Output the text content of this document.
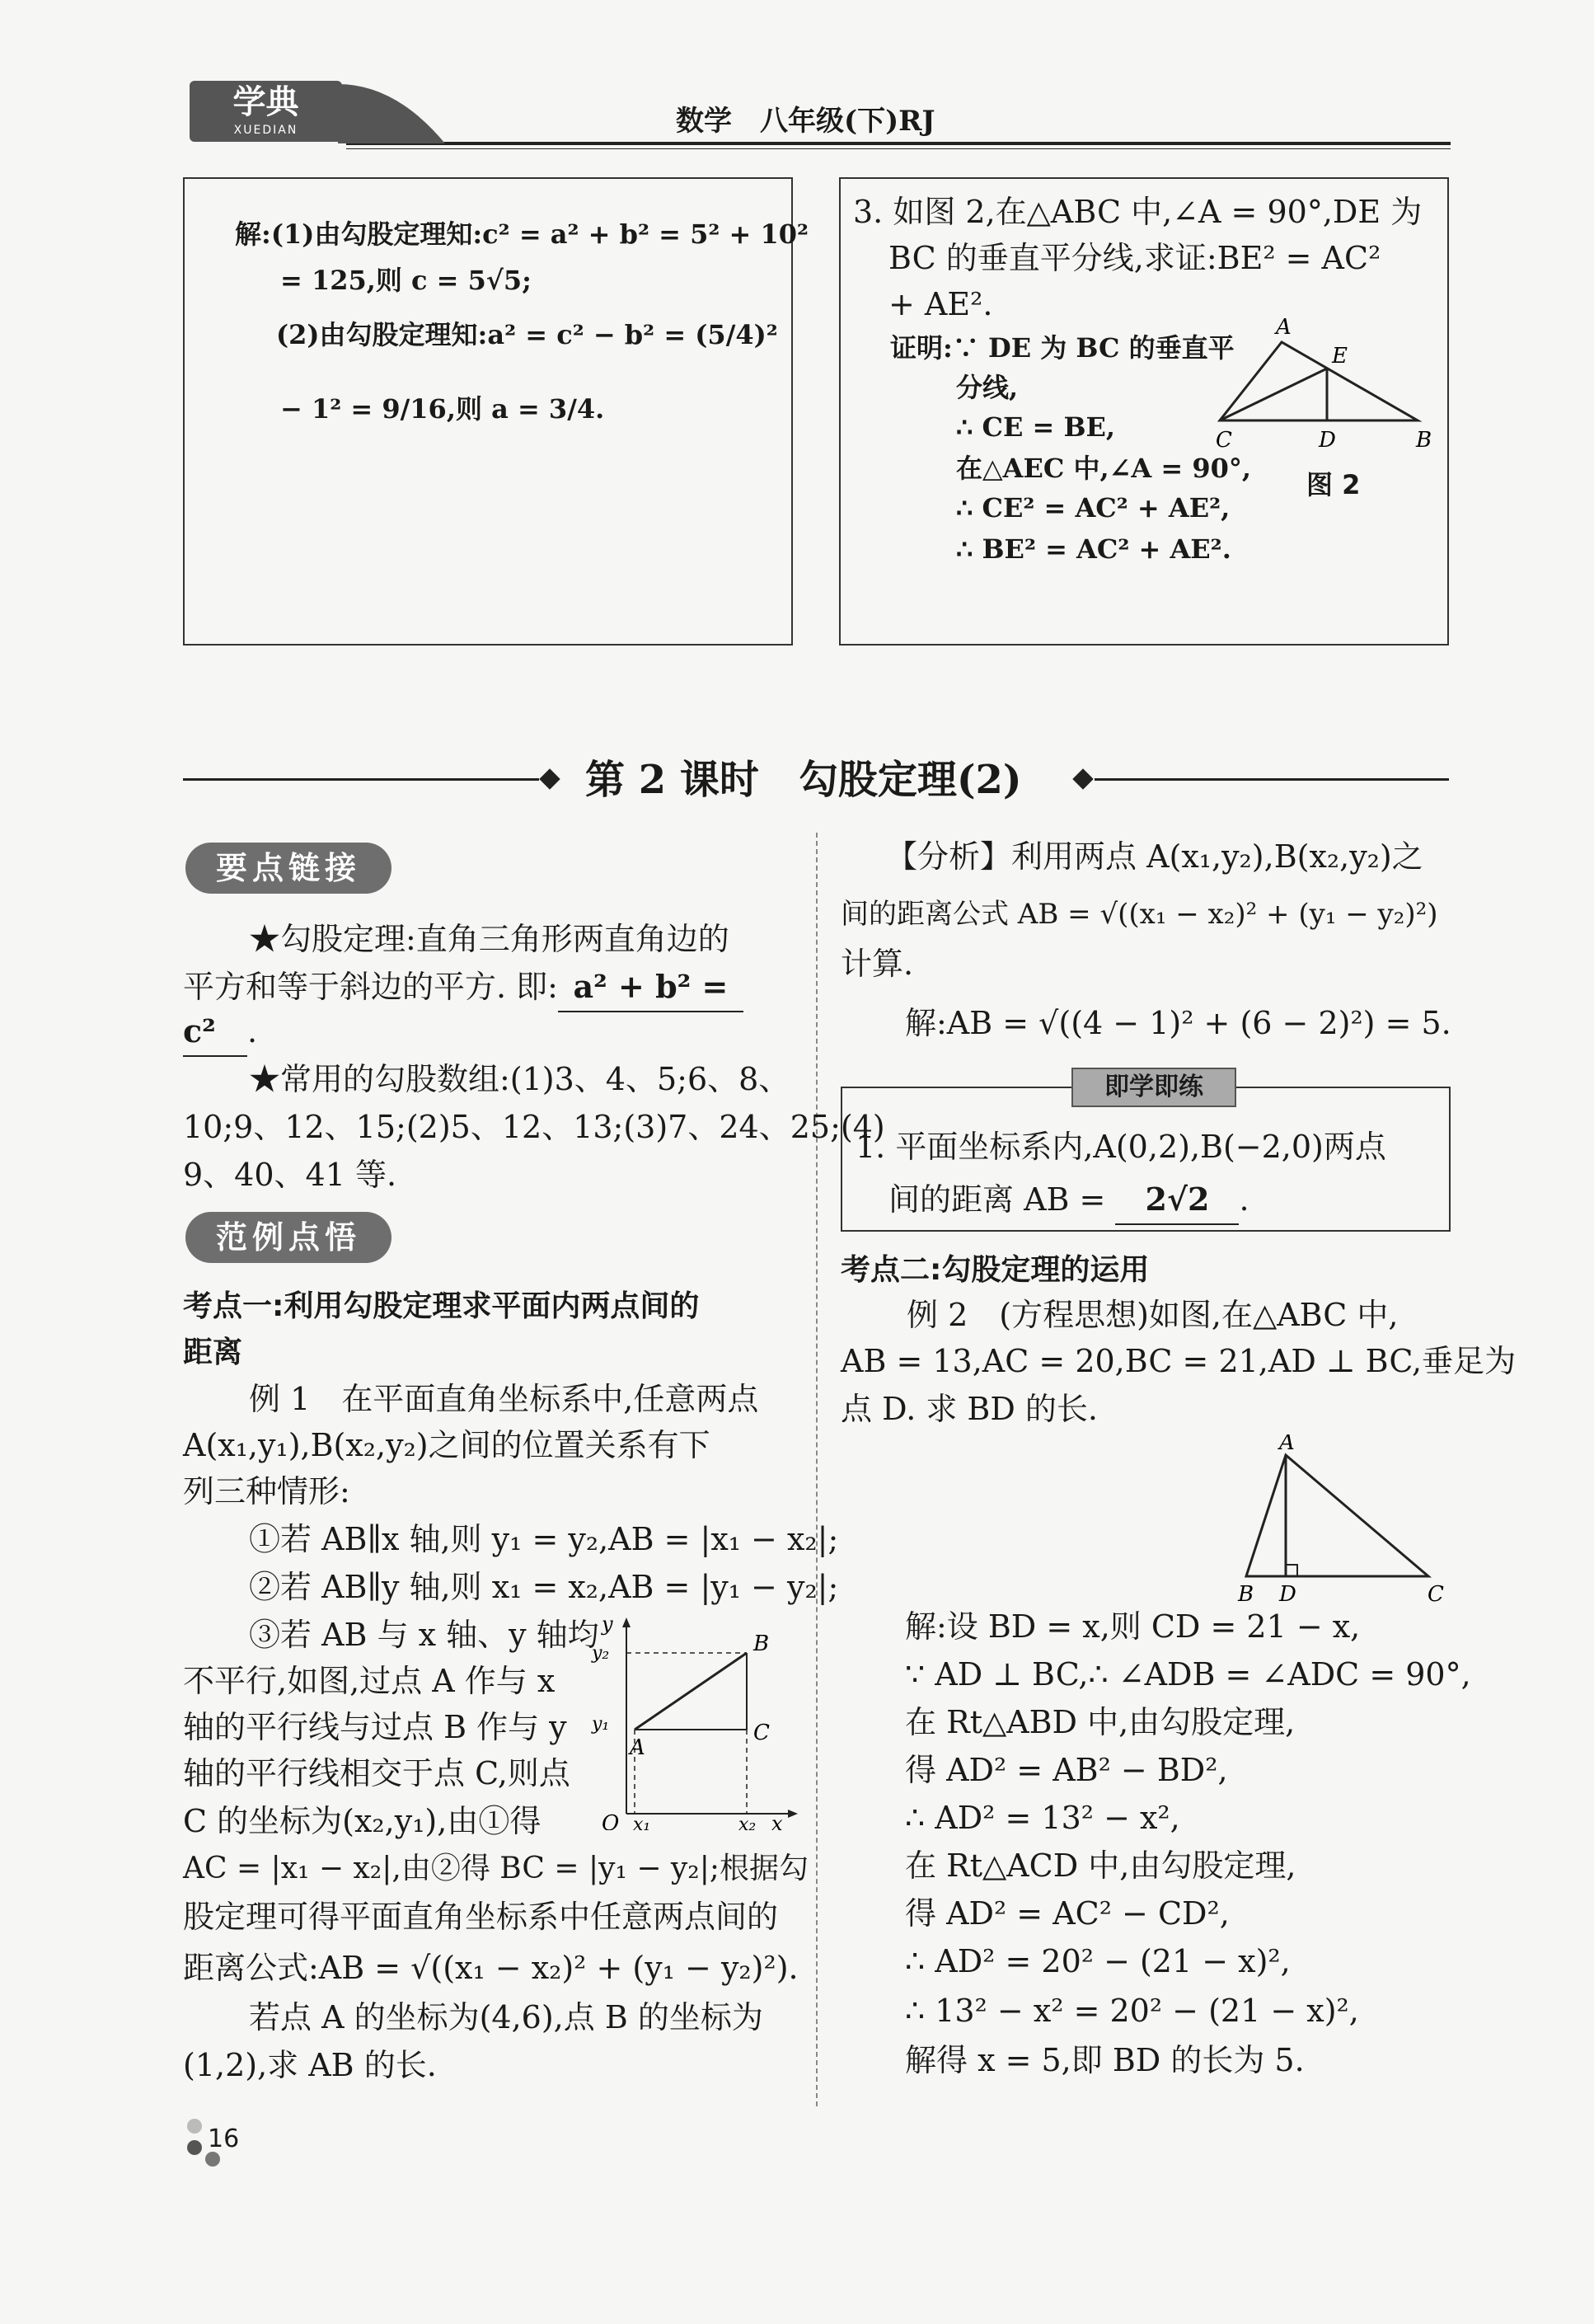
学典
XUEDIAN	数学　八年级(下)RJ
解:(1)由勾股定理知:c² = a² + b² = 5² + 10²
= 125,则 c = 5√5;
(2)由勾股定理知:a² = c² − b² = (5/4)²
− 1² = 9/16,则 a = 3/4.
3. 如图 2,在△ABC 中,∠A = 90°,DE 为
BC 的垂直平分线,求证:BE² = AC²
+ AE².
证明:∵ DE 为 BC 的垂直平
分线,
∴ CE = BE,
在△AEC 中,∠A = 90°,
∴ CE² = AC² + AE²,
∴ BE² = AC² + AE².
A
E
C	D	B
图 2
第 2 课时　勾股定理(2)
要点链接
★勾股定理:直角三角形两直角边的
平方和等于斜边的平方. 即: a² + b² =
c² .
★常用的勾股数组:(1)3、4、5;6、8、
10;9、12、15;(2)5、12、13;(3)7、24、25;(4)
9、40、41 等.
范例点悟
考点一:利用勾股定理求平面内两点间的
距离
例 1　在平面直角坐标系中,任意两点
A(x₁,y₁),B(x₂,y₂)之间的位置关系有下
列三种情形:
①若 AB∥x 轴,则 y₁ = y₂,AB = |x₁ − x₂|;
②若 AB∥y 轴,则 x₁ = x₂,AB = |y₁ − y₂|;
③若 AB 与 x 轴、y 轴均
不平行,如图,过点 A 作与 x
轴的平行线与过点 B 作与 y
轴的平行线相交于点 C,则点
C 的坐标为(x₂,y₁),由①得
AC = |x₁ − x₂|,由②得 BC = |y₁ − y₂|;根据勾
股定理可得平面直角坐标系中任意两点间的
距离公式:AB = √((x₁ − x₂)² + (y₁ − y₂)²).
若点 A 的坐标为(4,6),点 B 的坐标为
(1,2),求 AB 的长.
y
y₂
y₁
B
A
C
O x₁	x₂ x
【分析】利用两点 A(x₁,y₂),B(x₂,y₂)之
间的距离公式 AB = √((x₁ − x₂)² + (y₁ − y₂)²)
计算.
解:AB = √((4 − 1)² + (6 − 2)²) = 5.
即学即练
1. 平面坐标系内,A(0,2),B(−2,0)两点
间的距离 AB = 2√2 .
考点二:勾股定理的运用
例 2　(方程思想)如图,在△ABC 中,
AB = 13,AC = 20,BC = 21,AD ⊥ BC,垂足为
点 D. 求 BD 的长.
A
B D	C
解:设 BD = x,则 CD = 21 − x,
∵ AD ⊥ BC,∴ ∠ADB = ∠ADC = 90°,
在 Rt△ABD 中,由勾股定理,
得 AD² = AB² − BD²,
∴ AD² = 13² − x²,
在 Rt△ACD 中,由勾股定理,
得 AD² = AC² − CD²,
∴ AD² = 20² − (21 − x)²,
∴ 13² − x² = 20² − (21 − x)²,
解得 x = 5,即 BD 的长为 5.
16
